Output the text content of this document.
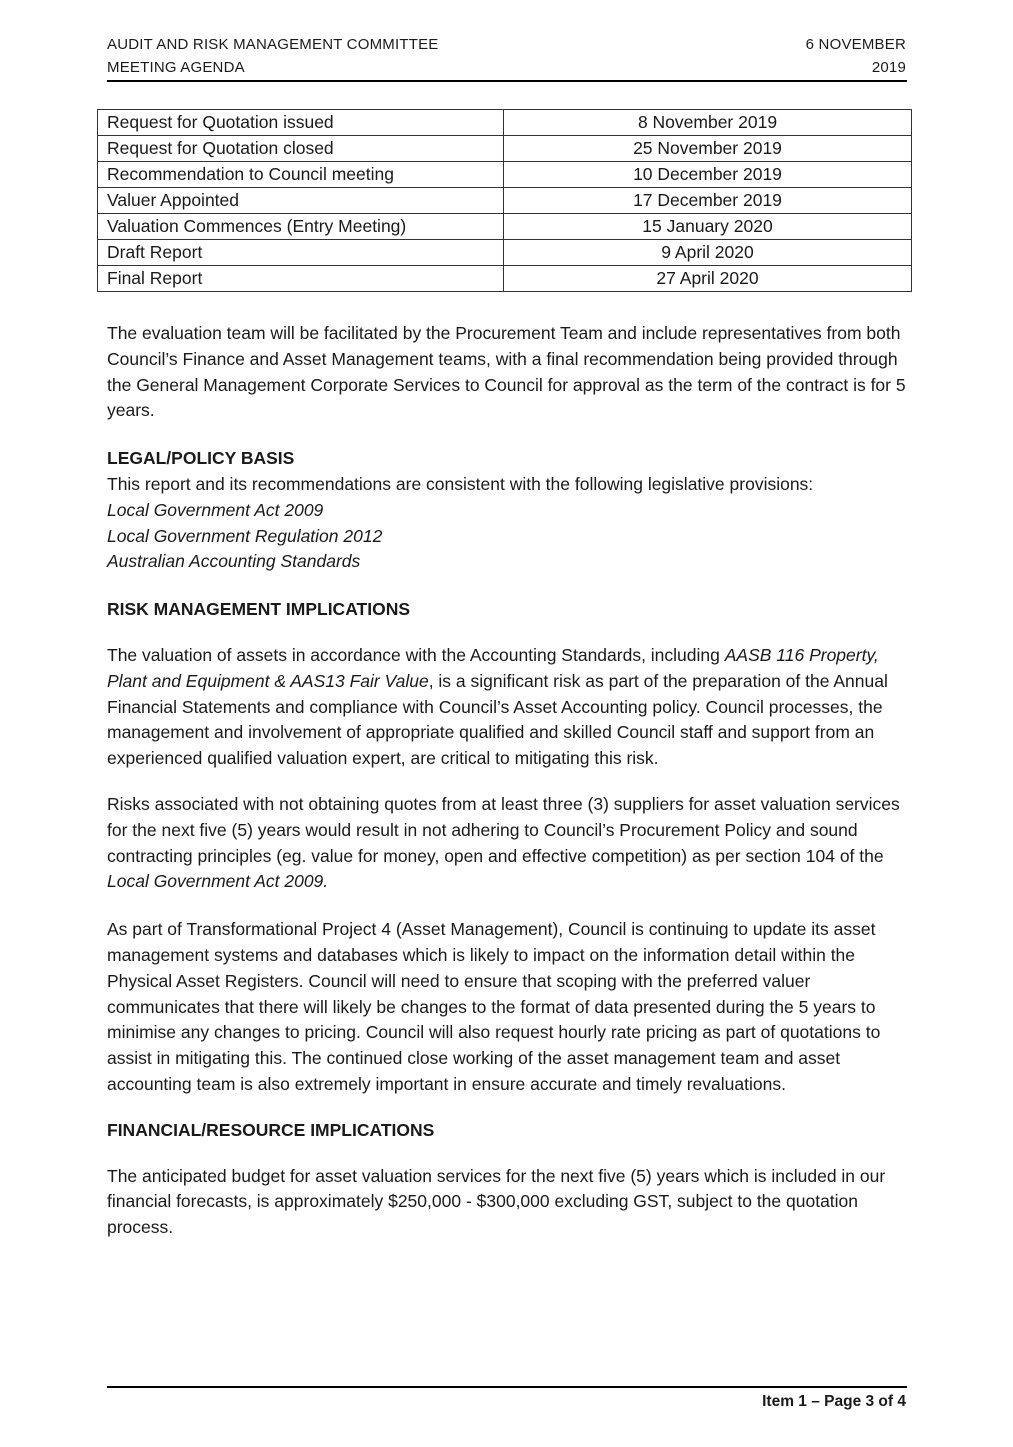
AUDIT AND RISK MANAGEMENT COMMITTEE
MEETING AGENDA
6 NOVEMBER
2019
Request for Quotation issued	8 November 2019
Request for Quotation closed	25 November 2019
Recommendation to Council meeting	10 December 2019
Valuer Appointed	17 December 2019
Valuation Commences (Entry Meeting)	15 January 2020
Draft Report	9 April 2020
Final Report	27 April 2020

The evaluation team will be facilitated by the Procurement Team and include representatives from both Council’s Finance and Asset Management teams, with a final recommendation being provided through the General Management Corporate Services to Council for approval as the term of the contract is for 5 years.

LEGAL/POLICY BASIS

This report and its recommendations are consistent with the following legislative provisions:

Local Government Act 2009

Local Government Regulation 2012

Australian Accounting Standards

RISK MANAGEMENT IMPLICATIONS

The valuation of assets in accordance with the Accounting Standards, including AASB 116 Property, Plant and Equipment & AAS13 Fair Value, is a significant risk as part of the preparation of the Annual Financial Statements and compliance with Council’s Asset Accounting policy. Council processes, the management and involvement of appropriate qualified and skilled Council staff and support from an experienced qualified valuation expert, are critical to mitigating this risk.

Risks associated with not obtaining quotes from at least three (3) suppliers for asset valuation services for the next five (5) years would result in not adhering to Council’s Procurement Policy and sound contracting principles (eg. value for money, open and effective competition) as per section 104 of the Local Government Act 2009.

As part of Transformational Project 4 (Asset Management), Council is continuing to update its asset management systems and databases which is likely to impact on the information detail within the Physical Asset Registers. Council will need to ensure that scoping with the preferred valuer communicates that there will likely be changes to the format of data presented during the 5 years to minimise any changes to pricing. Council will also request hourly rate pricing as part of quotations to assist in mitigating this. The continued close working of the asset management team and asset accounting team is also extremely important in ensure accurate and timely revaluations.

FINANCIAL/RESOURCE IMPLICATIONS

The anticipated budget for asset valuation services for the next five (5) years which is included in our financial forecasts, is approximately $250,000 - $300,000 excluding GST, subject to the quotation process.

Item 1 – Page 3 of 4
